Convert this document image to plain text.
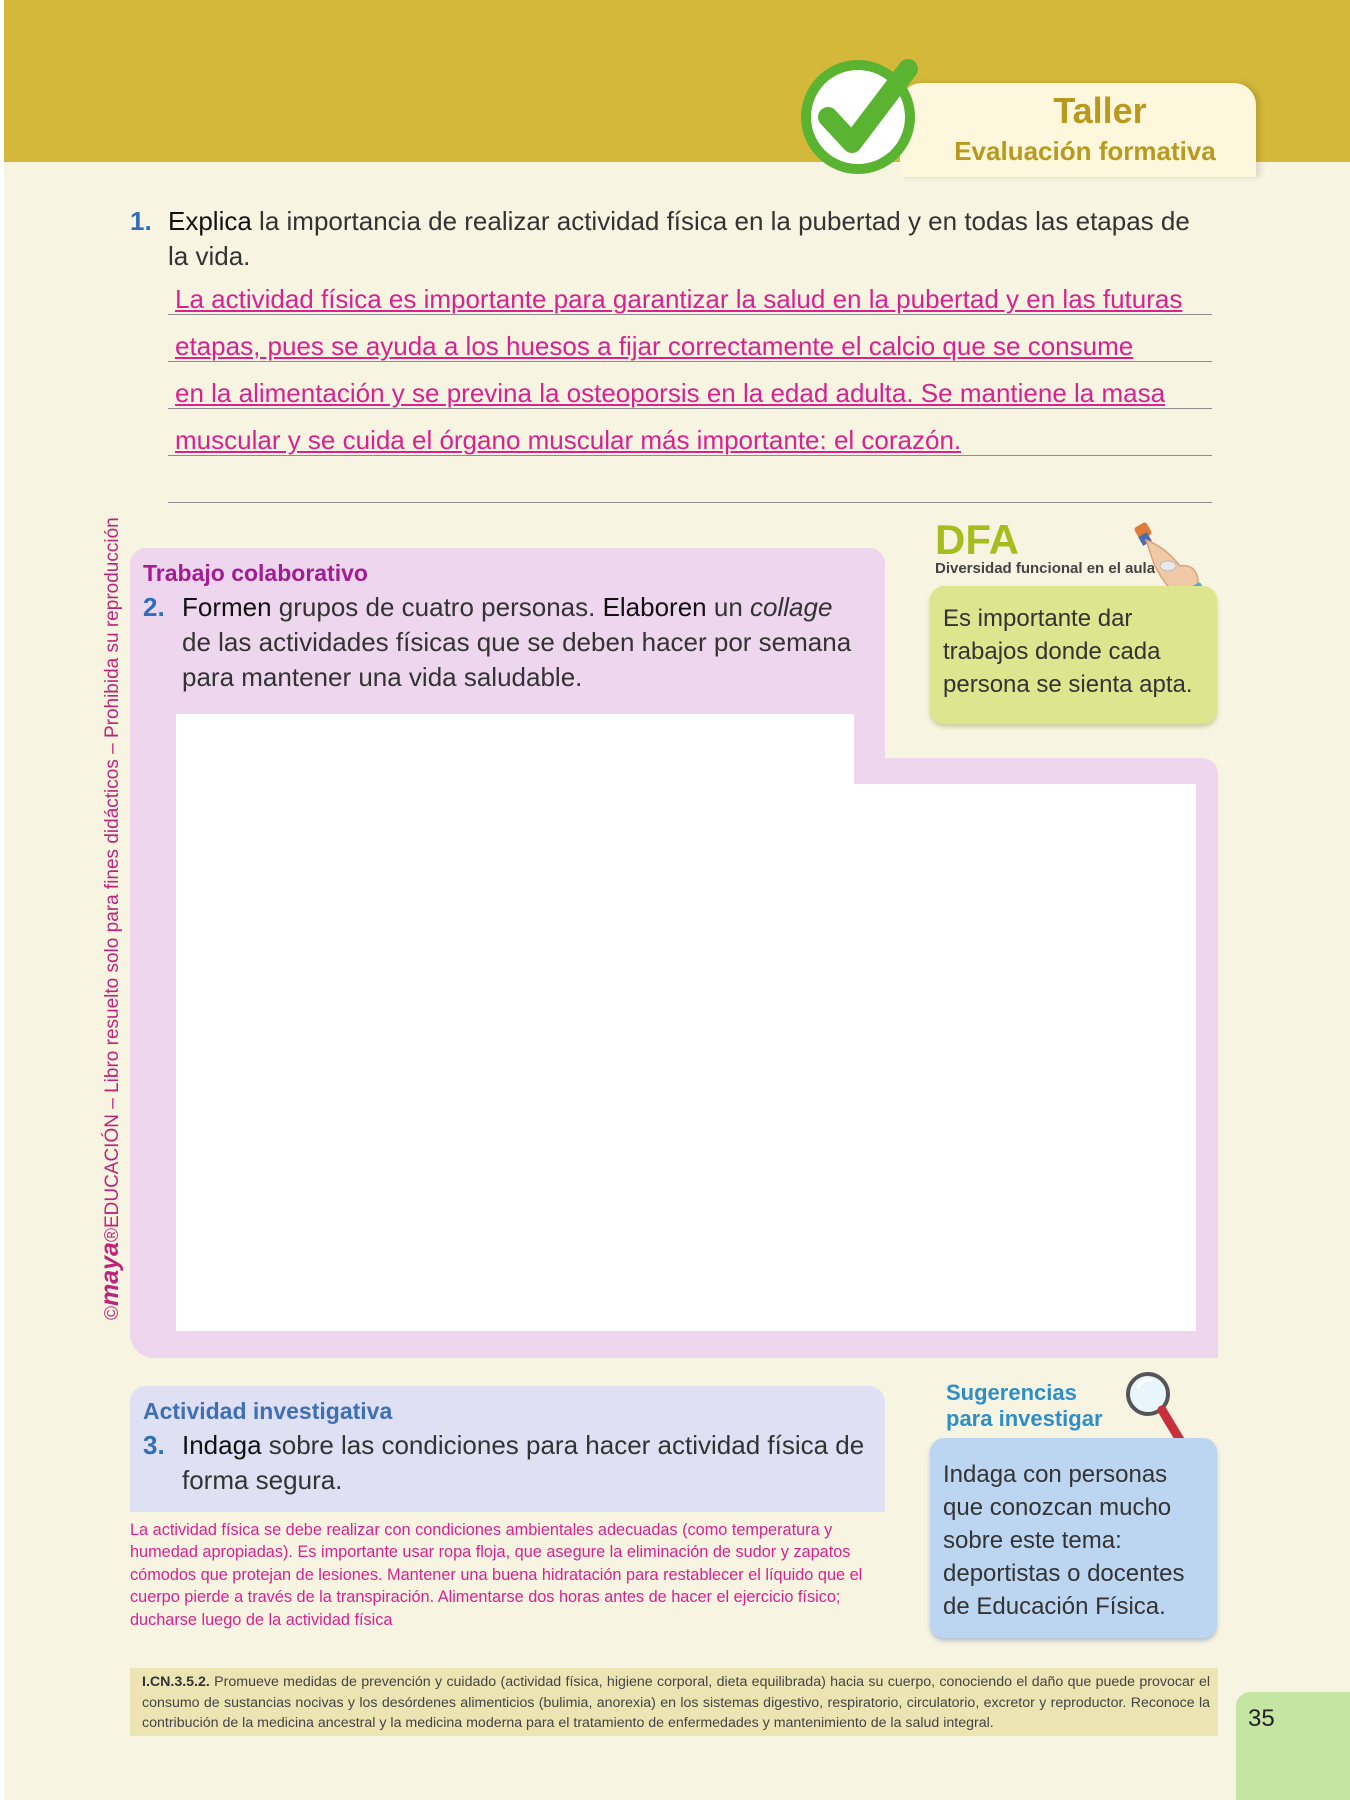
Taller
Evaluación formativa
©maya®EDUCACIÓN – Libro resuelto solo para fines didácticos – Prohibida su reproducción
1. Explica la importancia de realizar actividad física en la pubertad y en todas las etapas de la vida.
La actividad física es importante para garantizar la salud en la pubertad y en las futuras
etapas, pues se ayuda a los huesos a fijar correctamente el calcio que se consume
en la alimentación y se previna la osteoporsis en la edad adulta. Se mantiene la masa
muscular y se cuida el órgano muscular más importante: el corazón.
Trabajo colaborativo
2. Formen grupos de cuatro personas. Elaboren un collage de las actividades físicas que se deben hacer por semana para mantener una vida saludable.
DFA
Diversidad funcional en el aula
Es importante dar trabajos donde cada persona se sienta apta.
Actividad investigativa
3. Indaga sobre las condiciones para hacer actividad física de forma segura.
La actividad física se debe realizar con condiciones ambientales adecuadas (como temperatura y humedad apropiadas). Es importante usar ropa floja, que asegure la eliminación de sudor y zapatos cómodos que protejan de lesiones. Mantener una buena hidratación para restablecer el líquido que el cuerpo pierde a través de la transpiración. Alimentarse dos horas antes de hacer el ejercicio físico; ducharse luego de la actividad física
Sugerencias
para investigar
Indaga con personas que conozcan mucho sobre este tema: deportistas o docentes de Educación Física.
I.CN.3.5.2. Promueve medidas de prevención y cuidado (actividad física, higiene corporal, dieta equilibrada) hacia su cuerpo, conociendo el daño que puede provocar el consumo de sustancias nocivas y los desórdenes alimenticios (bulimia, anorexia) en los sistemas digestivo, respiratorio, circulatorio, excretor y reproductor. Reconoce la contribución de la medicina ancestral y la medicina moderna para el tratamiento de enfermedades y mantenimiento de la salud integral.	35
